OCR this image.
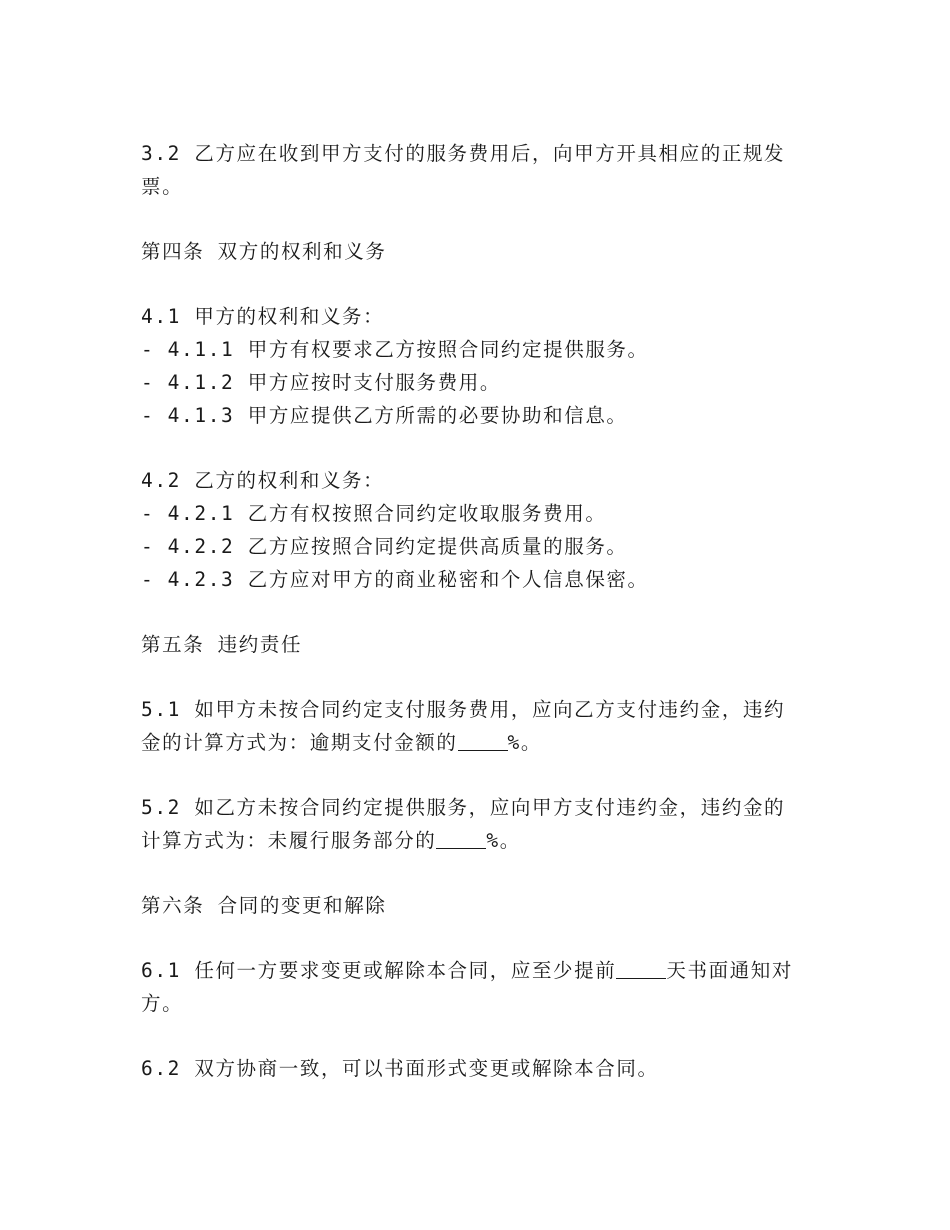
3.2 乙方应在收到甲方支付的服务费用后，向甲方开具相应的正规发
票。
第四条 双方的权利和义务
4.1 甲方的权利和义务：
- 4.1.1 甲方有权要求乙方按照合同约定提供服务。
- 4.1.2 甲方应按时支付服务费用。
- 4.1.3 甲方应提供乙方所需的必要协助和信息。
4.2 乙方的权利和义务：
- 4.2.1 乙方有权按照合同约定收取服务费用。
- 4.2.2 乙方应按照合同约定提供高质量的服务。
- 4.2.3 乙方应对甲方的商业秘密和个人信息保密。
第五条 违约责任
5.1 如甲方未按合同约定支付服务费用，应向乙方支付违约金，违约
金的计算方式为：逾期支付金额的	%。
5.2 如乙方未按合同约定提供服务，应向甲方支付违约金，违约金的
计算方式为：未履行服务部分的	%。
第六条 合同的变更和解除
6.1 任何一方要求变更或解除本合同，应至少提前	天书面通知对
方。
6.2 双方协商一致，可以书面形式变更或解除本合同。
